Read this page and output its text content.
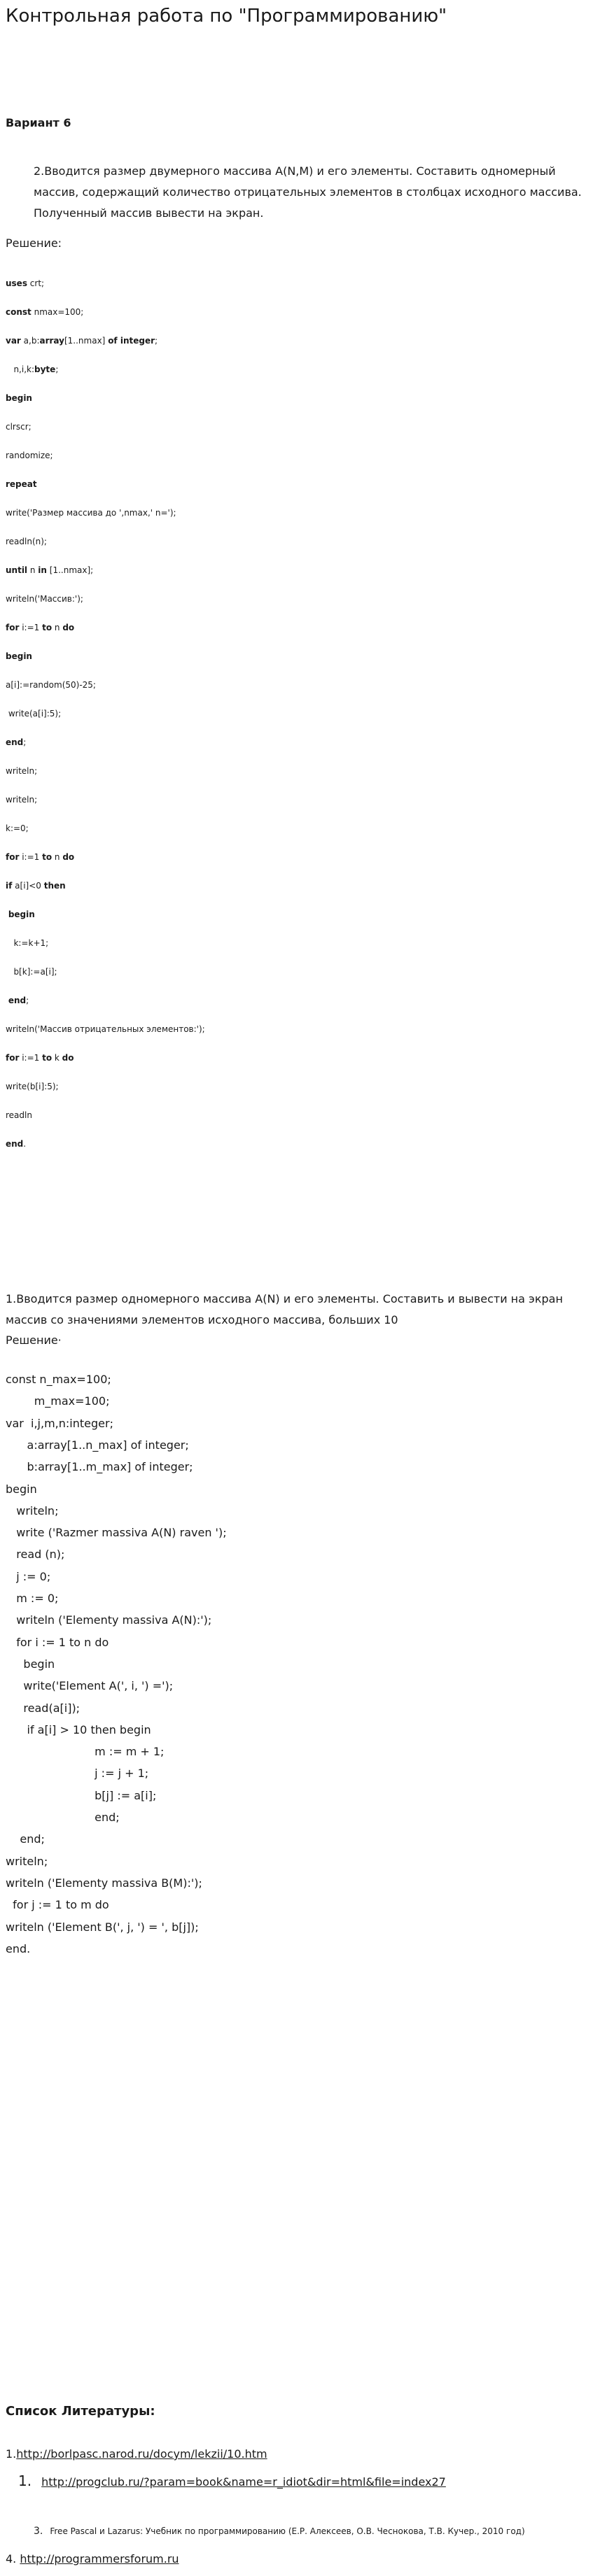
Контрольная работа по "Программированию"
Вариант 6
2.Вводится размер двумерного массива A(N,M) и его элементы. Составить одномерный массив, содержащий количество отрицательных элементов в столбцах исходного массива. Полученный массив вывести на экран.
Решение:
uses crt;
const nmax=100;
var a,b:array[1..nmax] of integer;
n,i,k:byte;
begin
clrscr;
randomize;
repeat
write('Размер массива до ',nmax,' n=');
readln(n);
until n in [1..nmax];
writeln('Массив:');
for i:=1 to n do
begin
a[i]:=random(50)-25;
write(a[i]:5);
end;
writeln;
writeln;
k:=0;
for i:=1 to n do
if a[i]<0 then
begin
k:=k+1;
b[k]:=a[i];
end;
writeln('Массив отрицательных элементов:');
for i:=1 to k do
write(b[i]:5);
readln
end.
1.Вводится размер одномерного массива A(N) и его элементы. Составить и вывести на экран массив со значениями элементов исходного массива, больших 10
Решение·
const n_max=100;
m_max=100;
var  i,j,m,n:integer;
a:array[1..n_max] of integer;
b:array[1..m_max] of integer;
begin
writeln;
write ('Razmer massiva A(N) raven ');
read (n);
j := 0;
m := 0;
writeln ('Elementy massiva A(N):');
for i := 1 to n do
begin
write('Element A(', i, ') =');
read(a[i]);
if a[i] > 10 then begin
m := m + 1;
j := j + 1;
b[j] := a[i];
end;
end;
writeln;
writeln ('Elementy massiva B(M):');
for j := 1 to m do
writeln ('Element B(', j, ') = ', b[j]);
end.
Список Литературы:
1.http://borlpasc.narod.ru/docym/lekzii/10.htm
1. http://progclub.ru/?param=book&name=r_idiot&dir=html&file=index27
3. Free Pascal и Lazarus: Учебник по программированию (Е.Р. Алексеев, О.В. Чеснокова, Т.В. Кучер., 2010 год)
4. http://programmersforum.ru
